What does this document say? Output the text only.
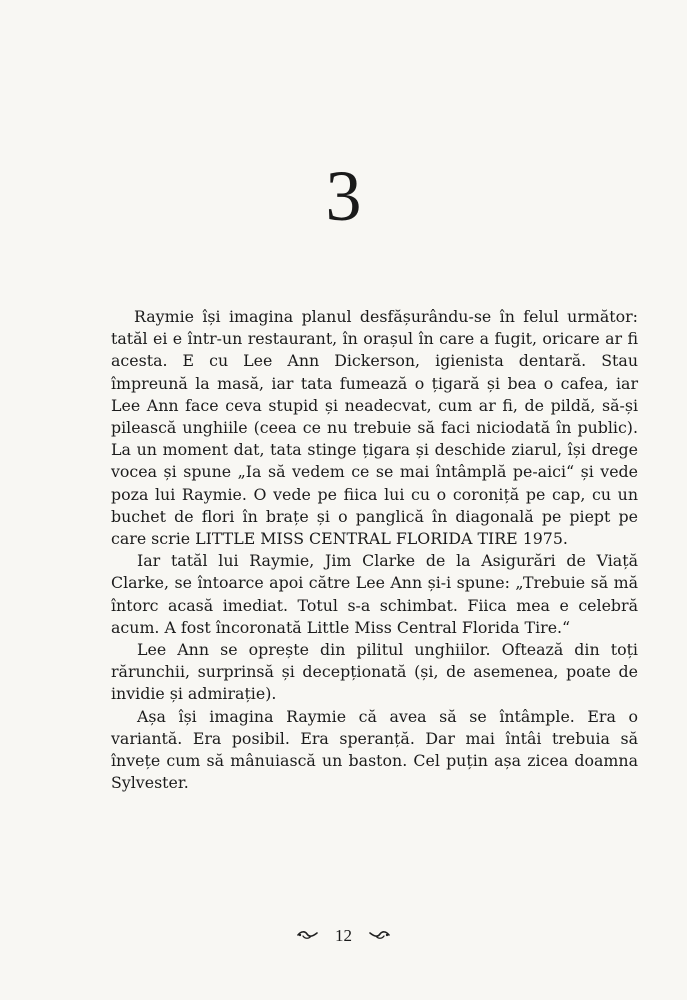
3

Raymie își imagina planul desfășurându-se în felul următor: tatăl ei e într-un restaurant, în orașul în care a fugit, oricare ar fi acesta. E cu Lee Ann Dickerson, igienista dentară. Stau împreună la masă, iar tata fumează o țigară și bea o cafea, iar Lee Ann face ceva stupid și neadecvat, cum ar fi, de pildă, să-și pilească unghiile (ceea ce nu trebuie să faci niciodată în public). La un moment dat, tata stinge țigara și deschide ziarul, își drege vocea și spune „Ia să vedem ce se mai întâmplă pe-aici“ și vede poza lui Raymie. O vede pe fiica lui cu o coroniță pe cap, cu un buchet de flori în brațe și o panglică în diagonală pe piept pe care scrie LITTLE MISS CENTRAL FLORIDA TIRE 1975.

Iar tatăl lui Raymie, Jim Clarke de la Asigurări de Viață Clarke, se întoarce apoi către Lee Ann și-i spune: „Trebuie să mă întorc acasă imediat. Totul s-a schimbat. Fiica mea e celebră acum. A fost încoronată Little Miss Central Florida Tire.“

Lee Ann se oprește din pilitul unghiilor. Oftează din toți rărunchii, surprinsă și decepționată (și, de asemenea, poate de invidie și admirație).

Așa își imagina Raymie că avea să se întâmple. Era o variantă. Era posibil. Era speranță. Dar mai întâi trebuia să învețe cum să mânuiască un baston. Cel puțin așa zicea doamna Sylvester.

12
